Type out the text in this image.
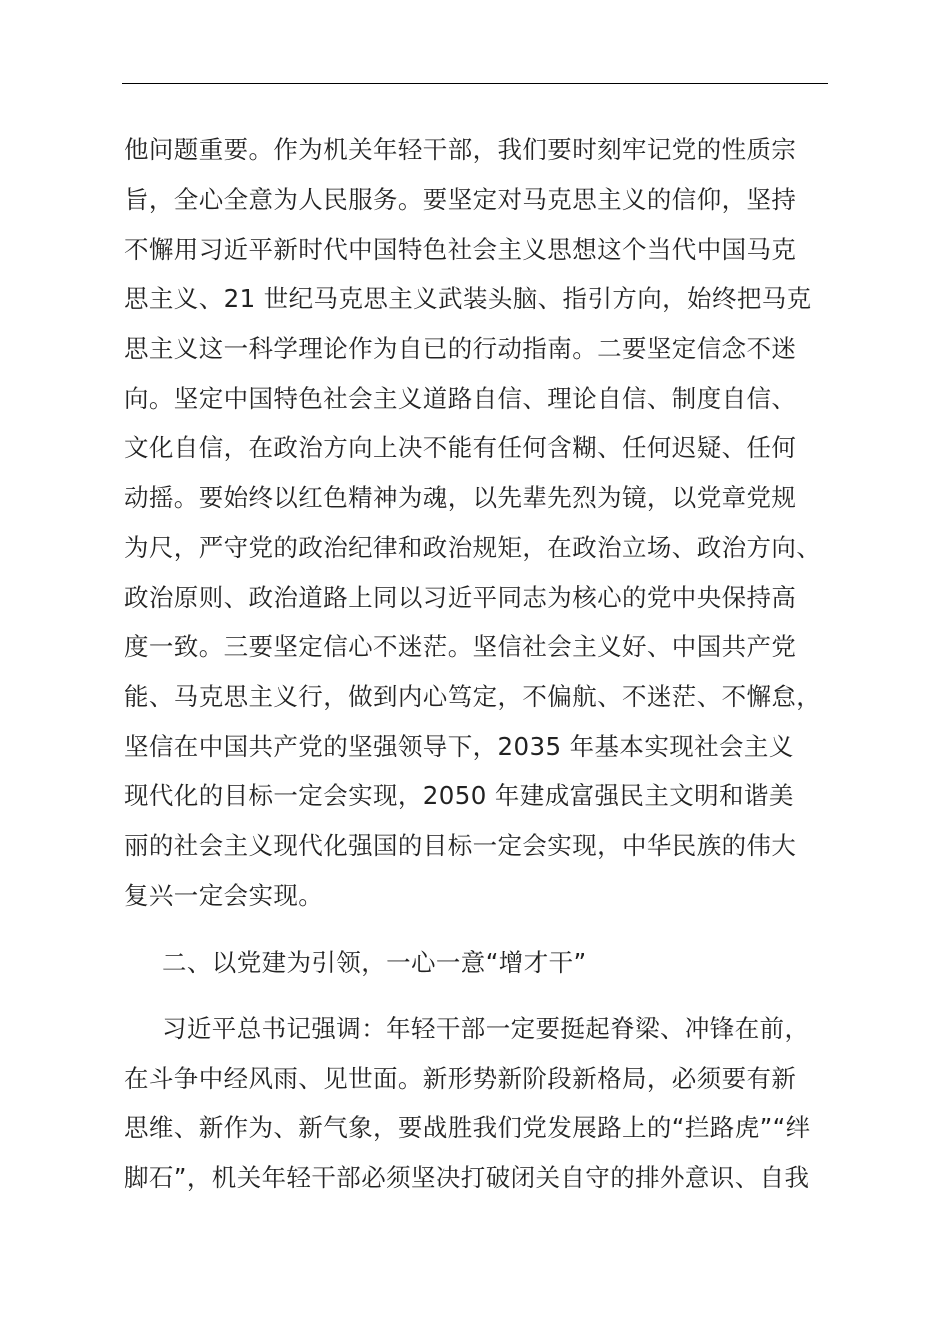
他问题重要。作为机关年轻干部，我们要时刻牢记党的性质宗
旨，全心全意为人民服务。要坚定对马克思主义的信仰，坚持
不懈用习近平新时代中国特色社会主义思想这个当代中国马克
思主义、21 世纪马克思主义武装头脑、指引方向，始终把马克
思主义这一科学理论作为自已的行动指南。二要坚定信念不迷
向。坚定中国特色社会主义道路自信、理论自信、制度自信、
文化自信，在政治方向上决不能有任何含糊、任何迟疑、任何
动摇。要始终以红色精神为魂，以先辈先烈为镜，以党章党规
为尺，严守党的政治纪律和政治规矩，在政治立场、政治方向、
政治原则、政治道路上同以习近平同志为核心的党中央保持高
度一致。三要坚定信心不迷茫。坚信社会主义好、中国共产党
能、马克思主义行，做到内心笃定，不偏航、不迷茫、不懈怠，
坚信在中国共产党的坚强领导下，2035 年基本实现社会主义
现代化的目标一定会实现，2050 年建成富强民主文明和谐美
丽的社会主义现代化强国的目标一定会实现，中华民族的伟大
复兴一定会实现。
二、以党建为引领，一心一意“增才干”
习近平总书记强调：年轻干部一定要挺起脊梁、冲锋在前，
在斗争中经风雨、见世面。新形势新阶段新格局，必须要有新
思维、新作为、新气象，要战胜我们党发展路上的“拦路虎”“绊
脚石”，机关年轻干部必须坚决打破闭关自守的排外意识、自我
